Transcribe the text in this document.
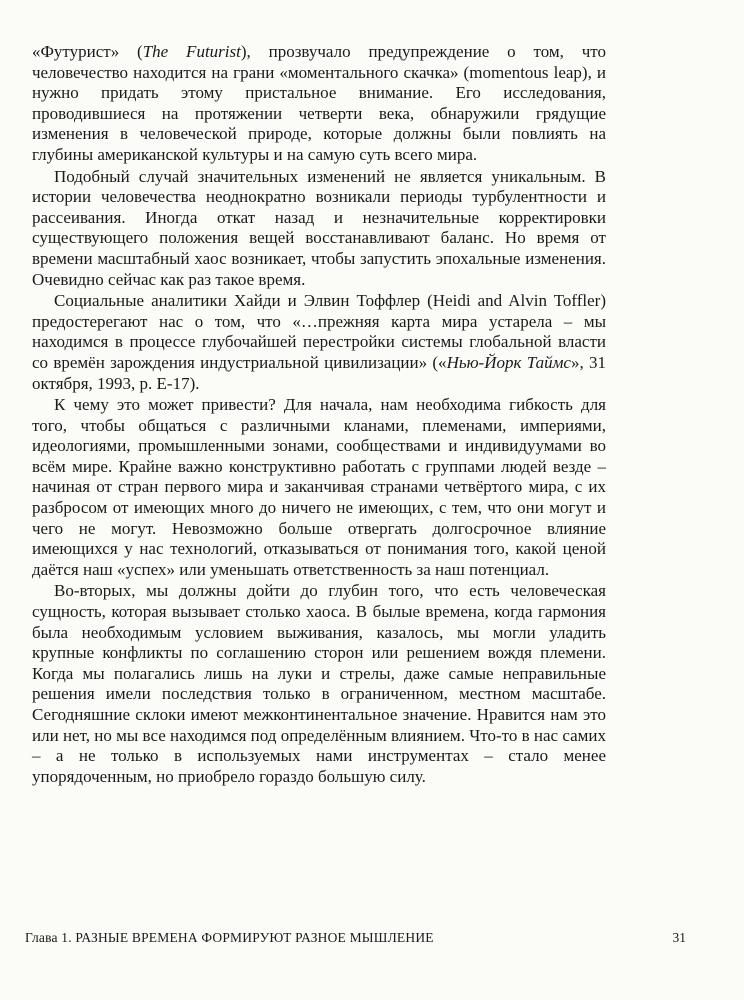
«Футурист» (The Futurist), прозвучало предупреждение о том, что человечество находится на грани «моментального скачка» (momentous leap), и нужно придать этому пристальное внимание. Его исследования, проводившиеся на протяжении четверти века, обнаружили грядущие изменения в человеческой природе, которые должны были повлиять на глубины американской культуры и на самую суть всего мира.

Подобный случай значительных изменений не является уникальным. В истории человечества неоднократно возникали периоды турбулентности и рассеивания. Иногда откат назад и незначительные корректировки существующего положения вещей восстанавливают баланс. Но время от времени масштабный хаос возникает, чтобы запустить эпохальные изменения. Очевидно сейчас как раз такое время.

Социальные аналитики Хайди и Элвин Тоффлер (Heidi and Alvin Toffler) предостерегают нас о том, что «…прежняя карта мира устарела – мы находимся в процессе глубочайшей перестройки системы глобальной власти со времён зарождения индустриальной цивилизации» («Нью-Йорк Таймс», 31 октября, 1993, p. E-17).

К чему это может привести? Для начала, нам необходима гибкость для того, чтобы общаться с различными кланами, племенами, империями, идеологиями, промышленными зонами, сообществами и индивидуумами во всём мире. Крайне важно конструктивно работать с группами людей везде – начиная от стран первого мира и заканчивая странами четвёртого мира, с их разбросом от имеющих много до ничего не имеющих, с тем, что они могут и чего не могут. Невозможно больше отвергать долгосрочное влияние имеющихся у нас технологий, отказываться от понимания того, какой ценой даётся наш «успех» или уменьшать ответственность за наш потенциал.

Во-вторых, мы должны дойти до глубин того, что есть человеческая сущность, которая вызывает столько хаоса. В былые времена, когда гармония была необходимым условием выживания, казалось, мы могли уладить крупные конфликты по соглашению сторон или решением вождя племени. Когда мы полагались лишь на луки и стрелы, даже самые неправильные решения имели последствия только в ограниченном, местном масштабе. Сегодняшние склоки имеют межконтинентальное значение. Нравится нам это или нет, но мы все находимся под определённым влиянием. Что-то в нас самих – а не только в используемых нами инструментах – стало менее упорядоченным, но приобрело гораздо большую силу.

Глава 1. РАЗНЫЕ ВРЕМЕНА ФОРМИРУЮТ РАЗНОЕ МЫШЛЕНИЕ	31
